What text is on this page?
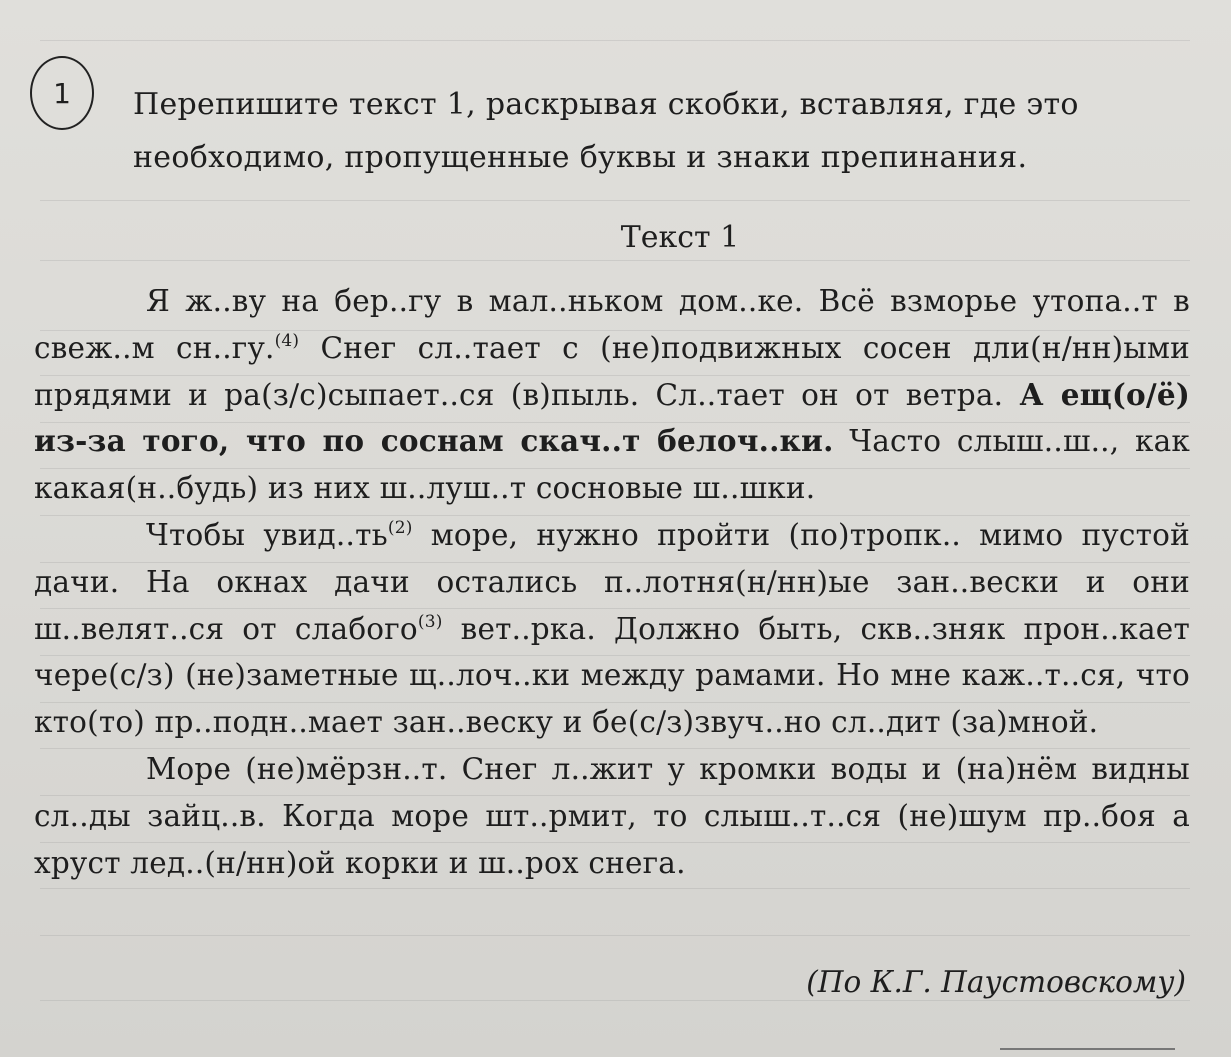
1 Перепишите текст 1, раскрывая скобки, вставляя, где это необходимо, пропущенные буквы и знаки препинания.
Текст 1

Я ж..ву на бер..гу в мал..ньком дом..ке. Всё взморье утопа..т в свеж..м сн..гу.$^{(4)}$ Снег сл..тает с (не)подвижных сосен дли(н/нн)ыми прядями и ра(з/с)сыпает..ся (в)пыль. Сл..тает он от ветра. А ещ(о/ё) из-за того, что по соснам скач..т белоч..ки. Часто слыш..ш.., как какая(н..будь) из них ш..луш..т сосновые ш..шки.

Чтобы $увид..ть^{(2)}$ море, нужно пройти (по)тропк.. мимо пустой дачи. На окнах дачи остались п..лотня(н/нн)ые зан..вески и они ш..велят..ся от слабого$^{(3)}$ вет..рка. Должно быть, скв..зняк прон..кает чере(с/з) (не)заметные щ..лоч..ки между рамами. Но мне каж..т..ся, что кто(то) пр..подн..мает зан..веску и бе(с/з)звуч..но сл..дит (за)мной.

Море (не)мёрзн..т. Снег л..жит у кромки воды и (на)нём видны сл..ды зайц..в. Когда море шт..рмит, то слыш..т..ся (не)шум пр..боя а хруст лед..(н/нн)ой корки и ш..рох снега.

(По К.Г. Паустовскому)
